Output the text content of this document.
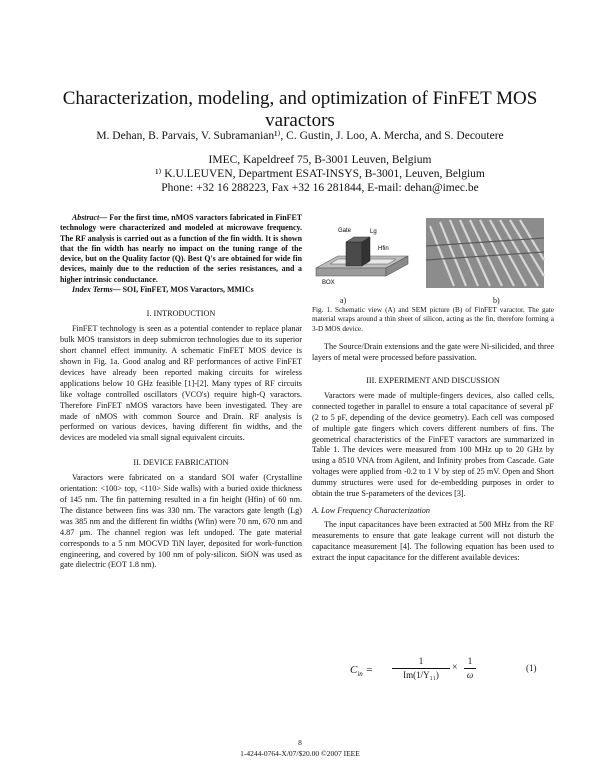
Characterization, modeling, and optimization of FinFET MOS varactors
M. Dehan, B. Parvais, V. Subramanian¹⁾, C. Gustin, J. Loo, A. Mercha, and S. Decoutere
IMEC, Kapeldreef 75, B-3001 Leuven, Belgium
¹⁾ K.U.LEUVEN, Department ESAT-INSYS, B-3001, Leuven, Belgium
Phone: +32 16 288223, Fax +32 16 281844, E-mail: dehan@imec.be

Abstract— For the first time, nMOS varactors fabricated in FinFET technology were characterized and modeled at microwave frequency. The RF analysis is carried out as a function of the fin width. It is shown that the fin width has nearly no impact on the tuning range of the device, but on the Quality factor (Q). Best Q's are obtained for wide fin devices, mainly due to the reduction of the series resistances, and a higher intrinsic conductance.

Index Terms— SOI, FinFET, MOS Varactors, MMICs

I. INTRODUCTION

FinFET technology is seen as a potential contender to replace planar bulk MOS transistors in deep submicron technologies due to its superior short channel effect immunity. A schematic FinFET MOS device is shown in Fig. 1a. Good analog and RF performances of active FinFET devices have already been reported making circuits for wireless applications below 10 GHz feasible [1]-[2]. Many types of RF circuits like voltage controlled oscillators (VCO's) require high-Q varactors. Therefore FinFET nMOS varactors have been investigated. They are made of nMOS with common Source and Drain. RF analysis is performed on various devices, having different fin widths, and the devices are modeled via small signal equivalent circuits.

II. DEVICE FABRICATION

Varactors were fabricated on a standard SOI wafer (Crystalline orientation: <100> top, <110> Side walls) with a buried oxide thickness of 145 nm. The fin patterning resulted in a fin height (Hfin) of 60 nm. The distance between fins was 330 nm. The varactors gate length (Lg) was 385 nm and the different fin widths (Wfin) were 70 nm, 670 nm and 4.87 µm. The channel region was left undoped. The gate material corresponds to a 5 nm MOCVD TiN layer, deposited for work-function engineering, and covered by 100 nm of poly-silicon. SiON was used as gate dielectric (EOT 1.8 nm).

Gate
Hfin
Lg
BOX
a)	b)

Fig. 1. Schematic view (A) and SEM picture (B) of FinFET varactor. The gate material wraps around a thin sheet of silicon, acting as the fin, therefore forming a 3-D MOS device.

The Source/Drain extensions and the gate were Ni-silicided, and three layers of metal were processed before passivation.

III. EXPERIMENT AND DISCUSSION

Varactors were made of multiple-fingers devices, also called cells, connected together in parallel to ensure a total capacitance of several pF (2 to 5 pF, depending of the device geometry). Each cell was composed of multiple gate fingers which covers different numbers of fins. The geometrical characteristics of the FinFET varactors are summarized in Table 1. The devices were measured from 100 MHz up to 20 GHz by using a 8510 VNA from Agilent, and Infinity probes from Cascade. Gate voltages were applied from -0.2 to 1 V by step of 25 mV. Open and Short dummy structures were used for de-embedding purposes in order to obtain the true S-parameters of the devices [3].

A. Low Frequency Characterization

The input capacitances have been extracted at 500 MHz from the RF measurements to ensure that gate leakage current will not disturb the capacitance measurement [4]. The following equation has been used to extract the input capacitance for the different available devices:

$C_{in}$ =
1
Im(1/Y₁₁)
×
1
ω
(1)
8
1-4244-0764-X/07/$20.00 ©2007 IEEE
